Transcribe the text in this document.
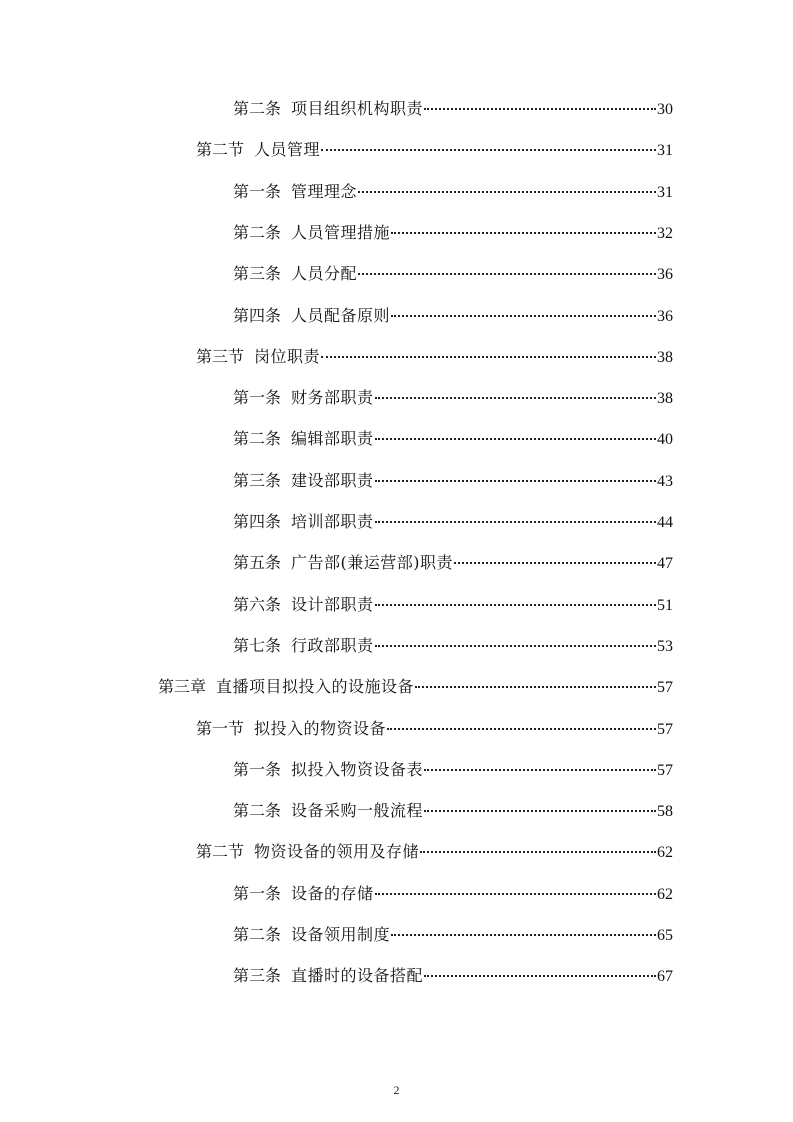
第二条 项目组织机构职责	30
第二节 人员管理	31
第一条 管理理念	31
第二条 人员管理措施	32
第三条 人员分配	36
第四条 人员配备原则	36
第三节 岗位职责	38
第一条 财务部职责	38
第二条 编辑部职责	40
第三条 建设部职责	43
第四条 培训部职责	44
第五条 广告部(兼运营部)职责	47
第六条 设计部职责	51
第七条 行政部职责	53
第三章 直播项目拟投入的设施设备	57
第一节 拟投入的物资设备	57
第一条 拟投入物资设备表	57
第二条 设备采购一般流程	58
第二节 物资设备的领用及存储	62
第一条 设备的存储	62
第二条 设备领用制度	65
第三条 直播时的设备搭配	67
2
